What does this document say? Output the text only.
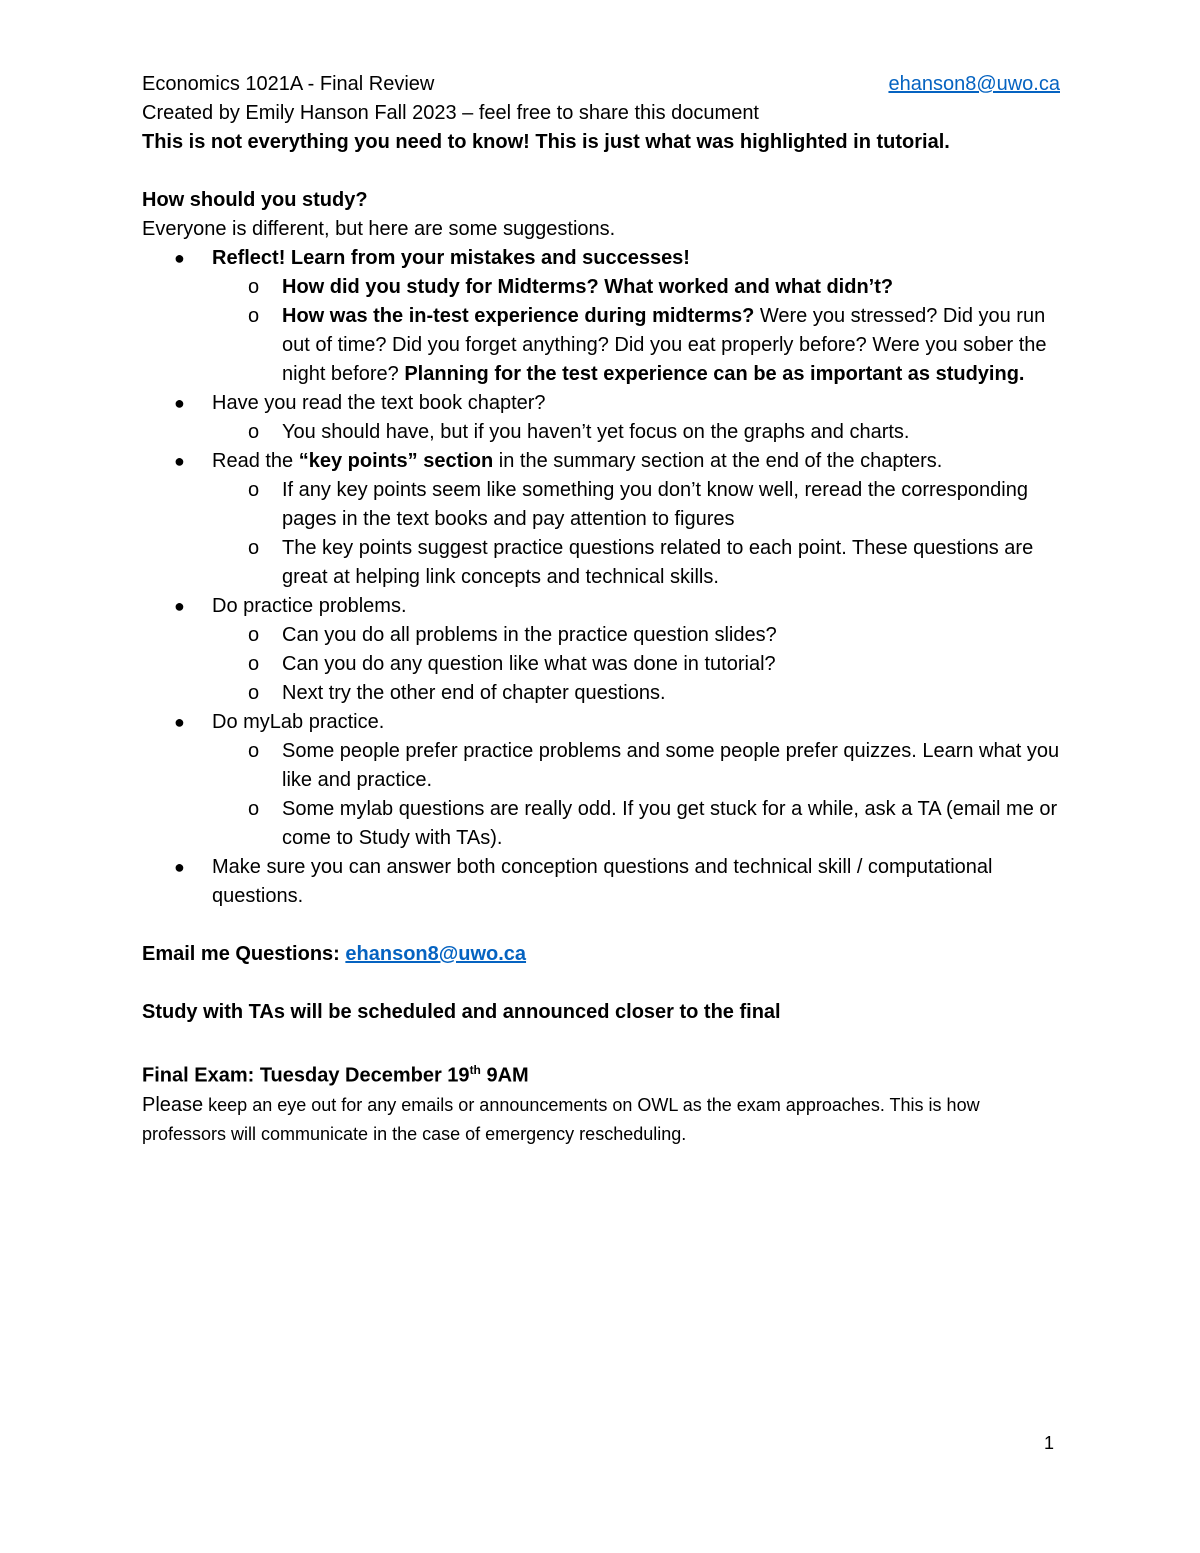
Economics 1021A - Final Review	ehanson8@uwo.ca
Created by Emily Hanson Fall 2023 – feel free to share this document
This is not everything you need to know! This is just what was highlighted in tutorial.
How should you study?
Everyone is different, but here are some suggestions.
● Reflect! Learn from your mistakes and successes!
o How did you study for Midterms? What worked and what didn’t?
o How was the in-test experience during midterms? Were you stressed? Did you run out of time? Did you forget anything? Did you eat properly before? Were you sober the night before? Planning for the test experience can be as important as studying.
● Have you read the text book chapter?
o You should have, but if you haven’t yet focus on the graphs and charts.
● Read the “key points” section in the summary section at the end of the chapters.
o If any key points seem like something you don’t know well, reread the corresponding pages in the text books and pay attention to figures
o The key points suggest practice questions related to each point. These questions are great at helping link concepts and technical skills.
● Do practice problems.
o Can you do all problems in the practice question slides?
o Can you do any question like what was done in tutorial?
o Next try the other end of chapter questions.
● Do myLab practice.
o Some people prefer practice problems and some people prefer quizzes. Learn what you like and practice.
o Some mylab questions are really odd. If you get stuck for a while, ask a TA (email me or come to Study with TAs).
● Make sure you can answer both conception questions and technical skill / computational questions.
Email me Questions: ehanson8@uwo.ca
Study with TAs will be scheduled and announced closer to the final
Final Exam: Tuesday December 19th 9AM
Please keep an eye out for any emails or announcements on OWL as the exam approaches. This is how professors will communicate in the case of emergency rescheduling.
1
